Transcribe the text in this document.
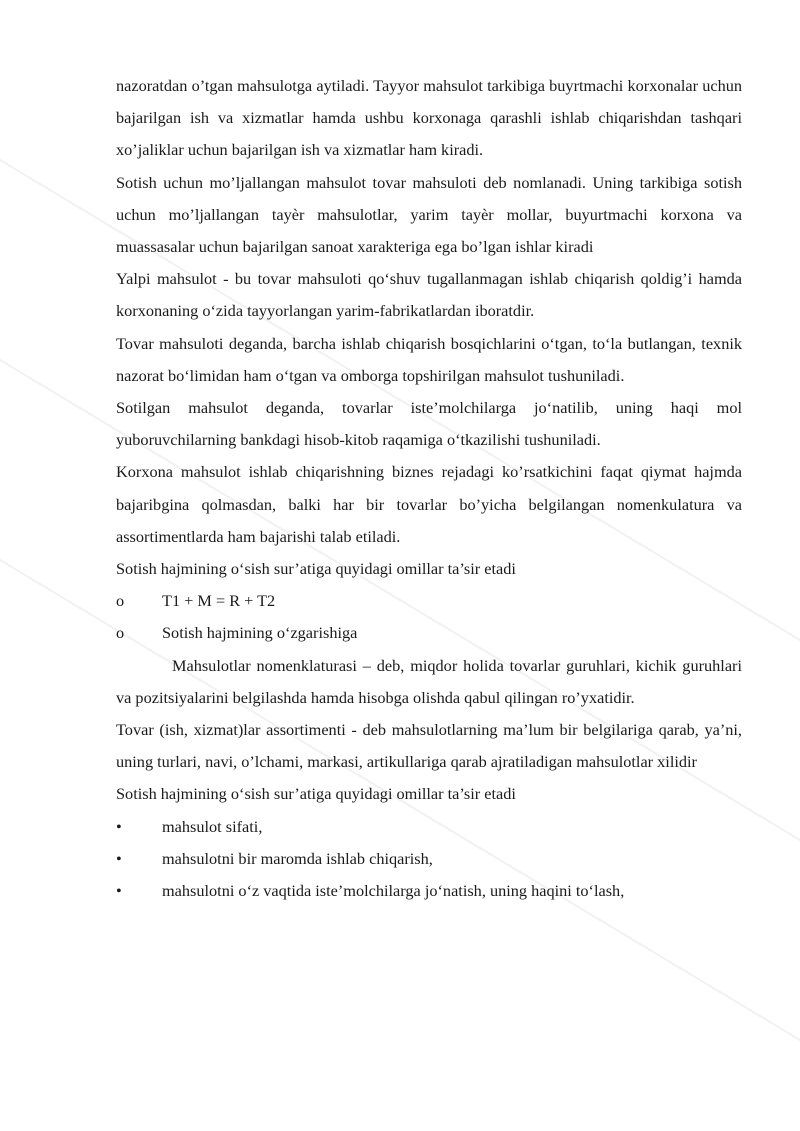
nazoratdan o’tgan mahsulotga aytiladi. Tayyor mahsulot tarkibiga buyrtmachi korxonalar uchun bajarilgan ish va xizmatlar hamda ushbu korxonaga qarashli ishlab chiqarishdan tashqari xo’jaliklar uchun bajarilgan ish va xizmatlar ham kiradi.

Sotish uchun mo’ljallangan mahsulot tovar mahsuloti deb nomlanadi. Uning tarkibiga sotish uchun mo’ljallangan tayѐr mahsulotlar, yarim tayѐr mollar, buyurtmachi korxona va muassasalar uchun bajarilgan sanoat xarakteriga ega bo’lgan ishlar kiradi

Yalpi mahsulot - bu tovar mahsuloti qo‘shuv tugallanmagan ishlab chiqarish qoldig’i hamda korxonaning o‘zida tayyorlangan yarim-fabrikatlardan iboratdir.

Tovar mahsuloti deganda, barcha ishlab chiqarish bosqichlarini o‘tgan, to‘la butlangan, texnik nazorat bo‘limidan ham o‘tgan va omborga topshirilgan mahsulot tushuniladi.

Sotilgan mahsulot deganda, tovarlar iste’molchilarga jo‘natilib, uning haqi mol yuboruvchilarning bankdagi hisob-kitob raqamiga o‘tkazilishi tushuniladi.

Korxona mahsulot ishlab chiqarishning biznes rejadagi ko’rsatkichini faqat qiymat hajmda bajaribgina qolmasdan, balki har bir tovarlar bo’yicha belgilangan nomenkulatura va assortimentlarda ham bajarishi talab etiladi.

Sotish hajmining o‘sish sur’atiga quyidagi omillar ta’sir etadi

o	T1 + M = R + T2
o	Sotish hajmining o‘zgarishiga

Mahsulotlar nomenklaturasi – deb, miqdor holida tovarlar guruhlari, kichik guruhlari va pozitsiyalarini belgilashda hamda hisobga olishda qabul qilingan ro’yxatidir.

Tovar (ish, xizmat)lar assortimenti - deb mahsulotlarning ma’lum bir belgilariga qarab, ya’ni, uning turlari, navi, o’lchami, markasi, artikullariga qarab ajratiladigan mahsulotlar xilidir

Sotish hajmining o‘sish sur’atiga quyidagi omillar ta’sir etadi

•	mahsulot sifati,
•	mahsulotni bir maromda ishlab chiqarish,
•	mahsulotni o‘z vaqtida iste’molchilarga jo‘natish, uning haqini to‘lash,
